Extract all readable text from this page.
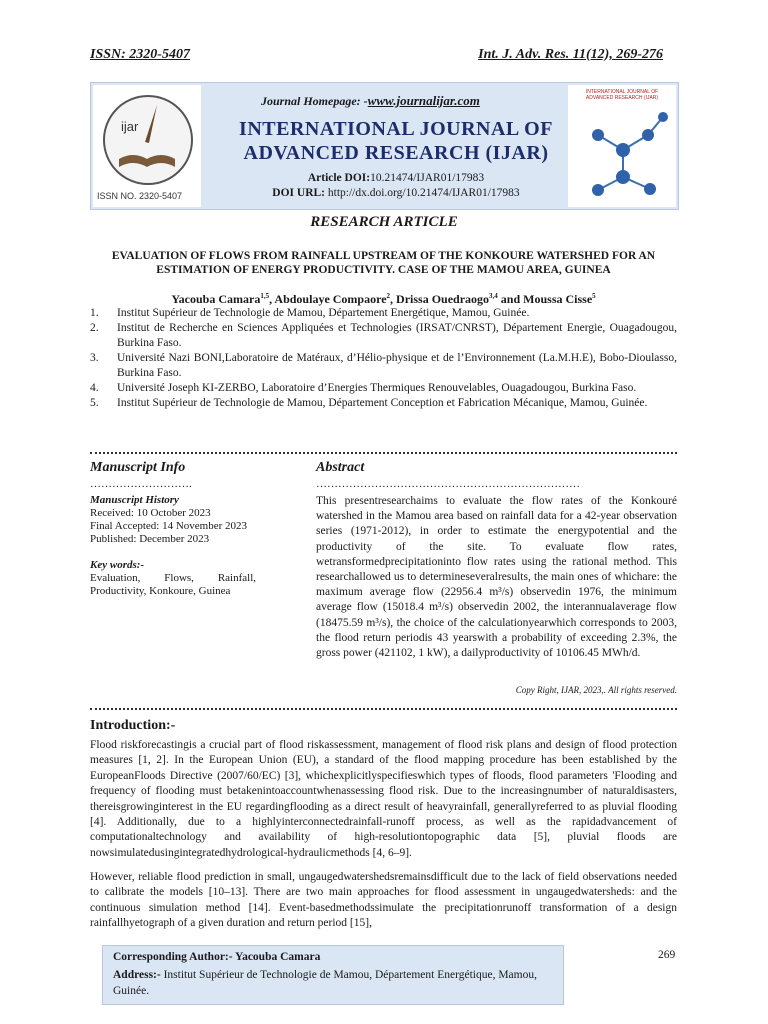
ISSN: 2320-5407	Int. J. Adv. Res. 11(12), 269-276
ijar
ISSN NO. 2320-5407
Journal Homepage: -www.journalijar.com
INTERNATIONAL JOURNAL OF ADVANCED RESEARCH (IJAR)
Article DOI:10.21474/IJAR01/17983
DOI URL: http://dx.doi.org/10.21474/IJAR01/17983
INTERNATIONAL JOURNAL OF ADVANCED RESEARCH (IJAR)
RESEARCH ARTICLE
EVALUATION OF FLOWS FROM RAINFALL UPSTREAM OF THE KONKOURE WATERSHED FOR AN ESTIMATION OF ENERGY PRODUCTIVITY. CASE OF THE MAMOU AREA, GUINEA
Yacouba Camara$^{1,5}$, Abdoulaye Compaore$^2$, Drissa Ouedraogo$^{3,4}$ and Moussa Cisse$^5$
1.	Institut Supérieur de Technologie de Mamou, Département Energétique, Mamou, Guinée.
2.	Institut de Recherche en Sciences Appliquées et Technologies (IRSAT/CNRST), Département Energie, Ouagadougou, Burkina Faso.
3.	Université Nazi BONI,Laboratoire de Matéraux, d’Hélio-physique et de l’Environnement (La.M.H.E), Bobo-Dioulasso, Burkina Faso.
4.	Université Joseph KI-ZERBO, Laboratoire d’Energies Thermiques Renouvelables, Ouagadougou, Burkina Faso.
5.	Institut Supérieur de Technologie de Mamou, Département Conception et Fabrication Mécanique, Mamou, Guinée.
Manuscript Info	Abstract
……………………….	………………………………………………………………
Manuscript History
Received: 10 October 2023
Final Accepted: 14 November 2023
Published: December 2023
Key words:-
Evaluation, Flows, Rainfall, Productivity, Konkoure, Guinea
This presentresearchaims to evaluate the flow rates of the Konkouré watershed in the Mamou area based on rainfall data for a 42-year observation series (1971-2012), in order to estimate the energypotential and the productivity of the site. To evaluate flow rates, wetransformedprecipitationinto flow rates using the rational method. This researchallowed us to determineseveralresults, the main ones of whichare: the maximum average flow (22956.4 m³/s) observedin 1976, the minimum average flow (15018.4 m³/s) observedin 2002, the interannualaverage flow (18475.59 m³/s), the choice of the calculationyearwhich corresponds to 2003, the flood return periodis 43 yearswith a probability of exceeding 2.3%, the gross power (421102, 1 kW), a dailyproductivity of 10106.45 MWh/d.
Copy Right, IJAR, 2023,. All rights reserved.
Introduction:-
Flood riskforecastingis a crucial part of flood riskassessment, management of flood risk plans and design of flood protection measures [1, 2]. In the European Union (EU), a standard of the flood mapping procedure has been established by the EuropeanFloods Directive (2007/60/EC) [3], whichexplicitlyspecifieswhich types of floods, flood parameters 'Flooding and frequency of flooding must betakenintoaccountwhenassessing flood risk. Due to the increasingnumber of naturaldisasters, thereisgrowinginterest in the EU regardingflooding as a direct result of heavyrainfall, generallyreferred to as pluvial flooding [4]. Additionally, due to a highlyinterconnectedrainfall-runoff process, as well as the rapidadvancement of computationaltechnology and availability of high-resolutiontopographic data [5], pluvial floods are nowsimulatedusingintegratedhydrological-hydraulicmethods [4, 6–9].
However, reliable flood prediction in small, ungaugedwatershedsremainsdifficult due to the lack of field observations needed to calibrate the models [10–13]. There are two main approaches for flood assessment in ungaugedwatersheds: and the continuous simulation method [14]. Event-basedmethodssimulate the precipitationrunoff transformation of a design rainfallhyetograph of a given duration and return period [15],
Corresponding Author:- Yacouba Camara
Address:- Institut Supérieur de Technologie de Mamou, Département Energétique, Mamou, Guinée.
269
